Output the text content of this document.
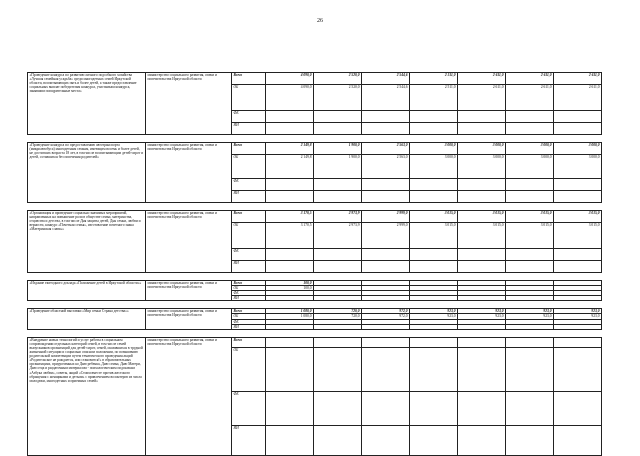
26
«Проведение конкурса по развитию личного подсобного хозяйства «Лучшая семейная усадьба» среди многодетных семей Иркутской области, воспитывающих пять и более детей, а также предоставление социальных выплат победителям конкурса, участникам конкурса, занявшим поощрительные места»	министерство социального развития, опеки и попечительства Иркутской области	Всего	4 090,0	2 520,0	2 544,6	2 511,0	2 611,0	2 611,0	2 611,0
		ОБ	4 090,0	2 520,0	2 544,6	2 511,0	2 611,0	2 611,0	2 611,0
		ФБ							
		ИИ							

«Проведение конкурса по предоставлению автотранспорта (микроавтобуса) многодетным семьям, имеющим восемь и более детей, не достигших возраста 18 лет, в том числе воспитывающим детей-сирот и детей, оставшихся без попечения родителей»	министерство социального развития, опеки и попечительства Иркутской области	Всего	2 149,8	1 900,0	2 563,0	3 000,0	3 000,0	3 000,0	3 000,0
		ОБ	2 149,8	1 900,0	2 563,0	3 000,0	3 000,0	3 000,0	3 000,0
		ФБ							
		ИИ							

«Организация и проведение социально значимых мероприятий, направленных на повышение роли в обществе семьи, материнства, отцовства и детства, в том числе Дня защиты детей, Дня семьи, любви и верности, конкурс «Почетная семья», изготовление почетного знака «Материнская слава»»	министерство социального развития, опеки и попечительства Иркутской области	Всего	3 170,5	2 973,9	2 999,0	3 015,0	3 015,0	3 015,0	3 015,0
		ОБ	3 170,5	2 973,9	2 999,0	3 015,0	3 015,0	3 015,0	3 015,0
		ФБ							
		ИИ							

«Издание ежегодного доклада «Положение детей в Иркутской области»»	министерство социального развития, опеки и попечительства Иркутской области	Всего	100,0						
		ОБ	100,0						
		ФБ							
		ИИ							

«Проведение областной выставки «Мир семьи Страна детства»»	министерство социального развития, опеки и попечительства Иркутской области	Всего	1 080,0	720,0	972,0	923,0	923,0	923,0	923,0
		ОБ	1 080,0	720,0	972,0	923,0	923,0	923,0	923,0
		ФБ							
		ИИ							

«Внедрение новых технологий и услуг работы в социальном сопровождении отдельных категорий семей, в том числе семей выпускников организаций для детей-сирот, семей, оказавшихся в трудной жизненной ситуации и социально опасном положении, по повышению родительской компетенции путем тематического проведения акций «Родительское не рождается, или становится!» в образовательных организациях, приуроченных ко Дню ребенка, Дню семьи, Дню Матери, Дню отца и раздаточным материалом - психологическим подсказкам «Азбука любви», советы, акций «Стоим вместе против жестокого обращения с женщинами и детьми» с привлечением волонтеров из числа молодежи, многодетных и приемных семей»	министерство социального развития, опеки и попечительства Иркутской области	Всего							
		ОБ							
		ФБ							
		ИИ							
